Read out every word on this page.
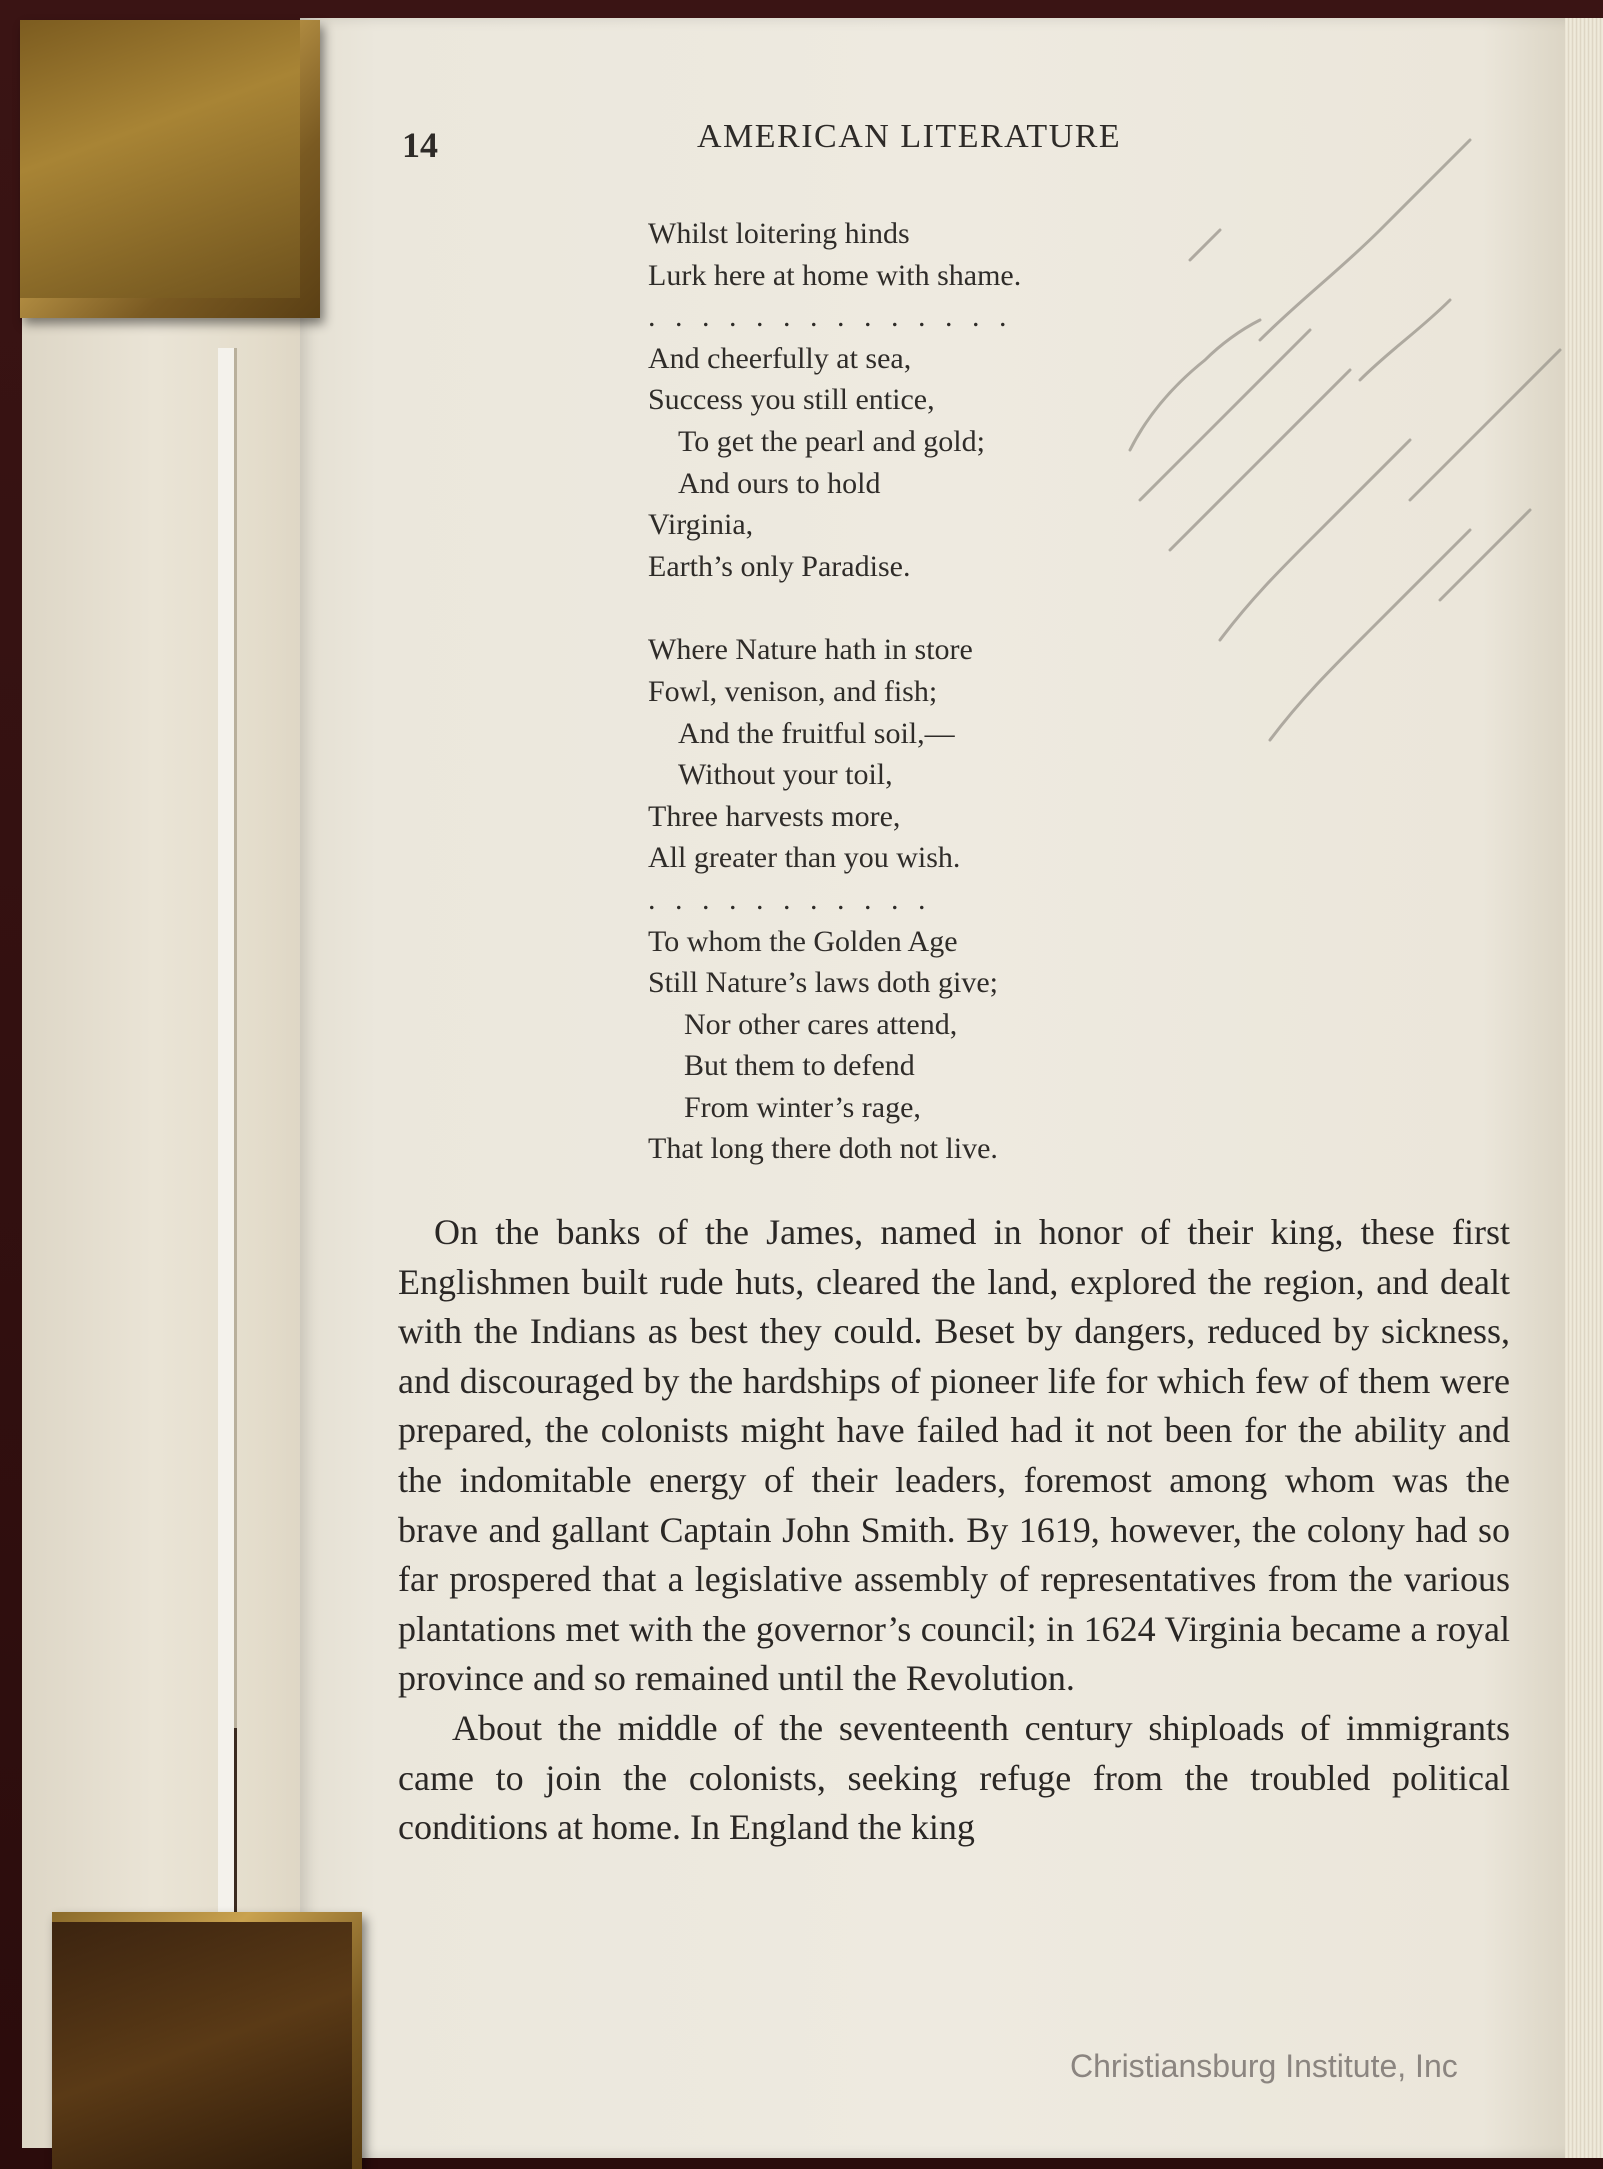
14	AMERICAN LITERATURE
Whilst loitering hinds
Lurk here at home with shame.
. . . . . . . . . . . . . .
And cheerfully at sea,
Success you still entice,
To get the pearl and gold;
And ours to hold
Virginia,
Earth’s only Paradise.
Where Nature hath in store
Fowl, venison, and fish;
And the fruitful soil,—
Without your toil,
Three harvests more,
All greater than you wish.
. . . . . . . . . . .
To whom the Golden Age
Still Nature’s laws doth give;
Nor other cares attend,
But them to defend
From winter’s rage,
That long there doth not live.

On the banks of the James, named in honor of their king, these first Englishmen built rude huts, cleared the land, explored the region, and dealt with the Indians as best they could. Beset by dangers, reduced by sickness, and discouraged by the hardships of pioneer life for which few of them were prepared, the colonists might have failed had it not been for the ability and the indomitable energy of their leaders, foremost among whom was the brave and gallant Captain John Smith. By 1619, however, the colony had so far prospered that a legislative assembly of representatives from the various plantations met with the governor’s council; in 1624 Virginia became a royal province and so remained until the Revolution.

About the middle of the seventeenth century shiploads of immigrants came to join the colonists, seeking refuge from the troubled political conditions at home. In England the king

Christiansburg Institute, Inc
